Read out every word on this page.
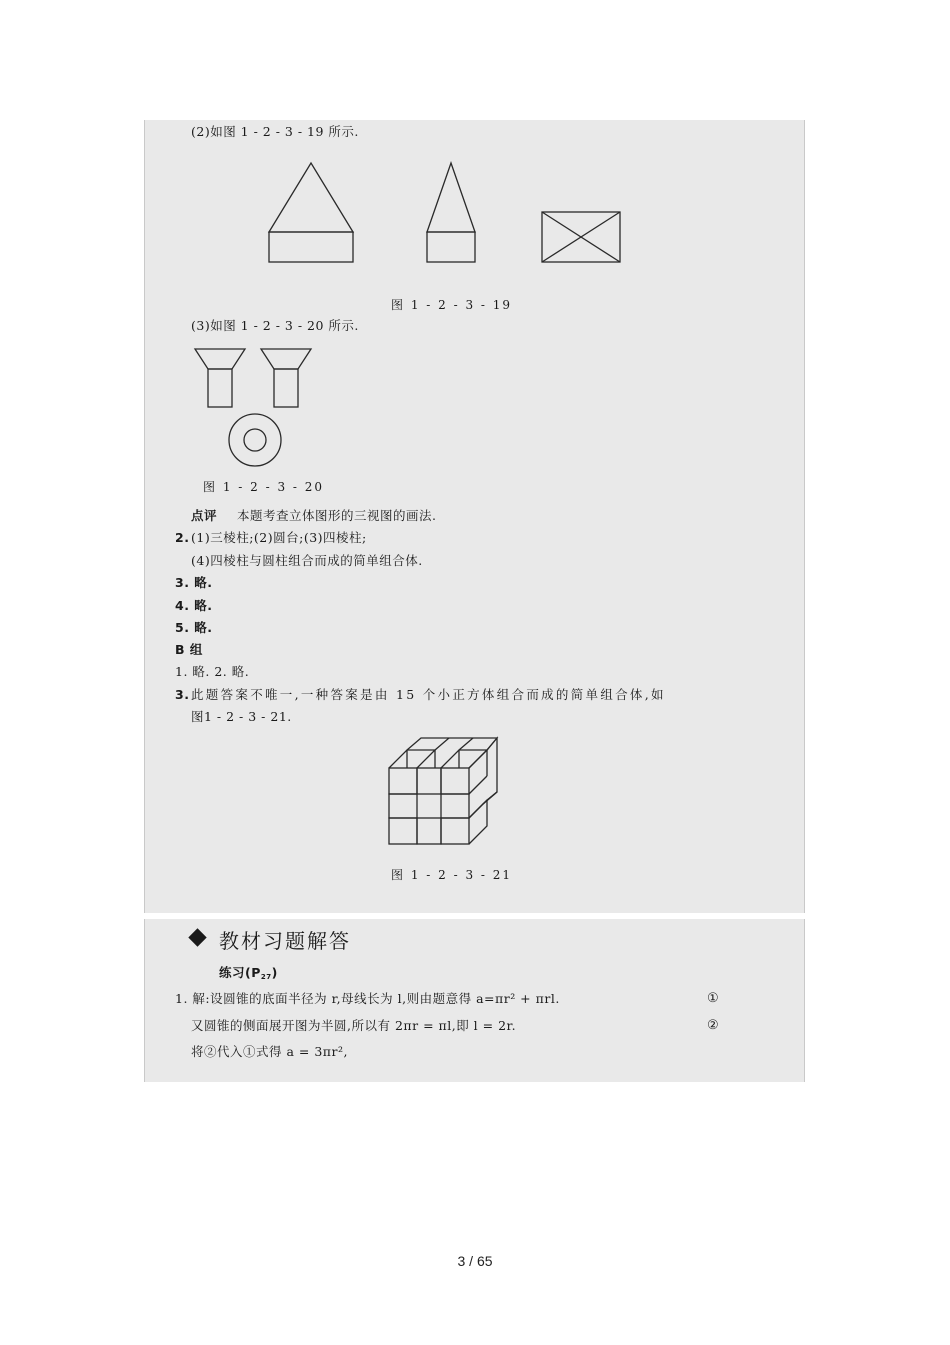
(2)如图 1 - 2 - 3 - 19 所示.
图 1 - 2 - 3 - 19
(3)如图 1 - 2 - 3 - 20 所示.
图 1 - 2 - 3 - 20
点评 本题考查立体图形的三视图的画法.
2. (1)三棱柱;(2)圆台;(3)四棱柱;
(4)四棱柱与圆柱组合而成的简单组合体.
3. 略.
4. 略.
5. 略.
B 组
1. 略. 2. 略.
3. 此题答案不唯一,一种答案是由 15 个小正方体组合而成的简单组合体,如
图1 - 2 - 3 - 21.
图 1 - 2 - 3 - 21
教材习题解答
练习(P27)
1. 解:设圆锥的底面半径为 r,母线长为 l,则由题意得 a=πr² + πrl.	①
又圆锥的侧面展开图为半圆,所以有 2πr = πl,即 l = 2r.	②
将②代入①式得 a = 3πr²,
3 / 65
